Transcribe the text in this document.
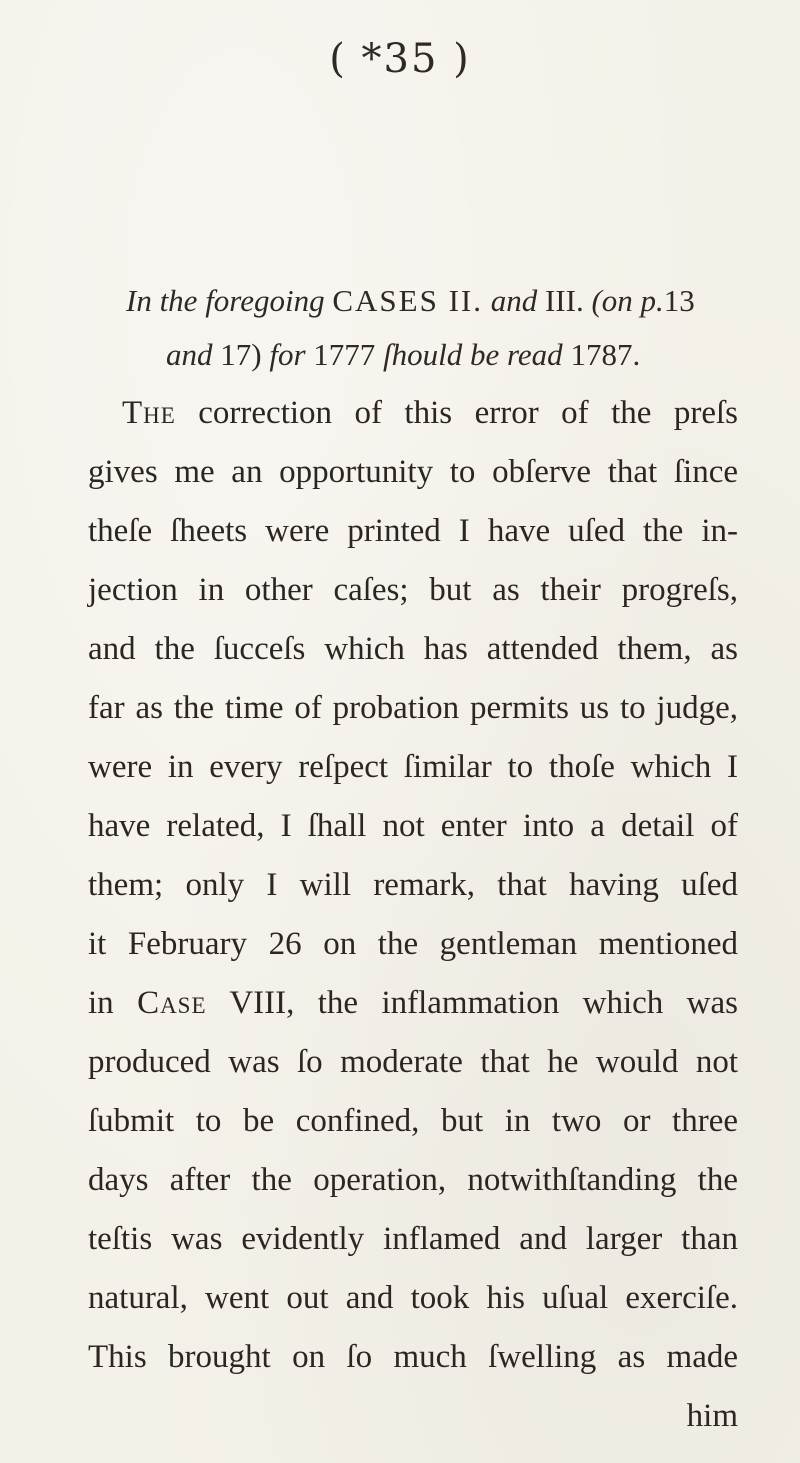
( *35 )
In the foregoing CASES II. and III. (on p.13
and 17) for 1777 ſhould be read 1787.
The correction of this error of the preſs
gives me an opportunity to obſerve that ſince
theſe ſheets were printed I have uſed the in-
jection in other caſes; but as their progreſs,
and the ſucceſs which has attended them, as
far as the time of probation permits us to judge,
were in every reſpect ſimilar to thoſe which I
have related, I ſhall not enter into a detail of
them; only I will remark, that having uſed
it February 26 on the gentleman mentioned
in Case VIII, the inflammation which was
produced was ſo moderate that he would not
ſubmit to be confined, but in two or three
days after the operation, notwithſtanding the
teſtis was evidently inflamed and larger than
natural, went out and took his uſual exerciſe.
This brought on ſo much ſwelling as made
him
